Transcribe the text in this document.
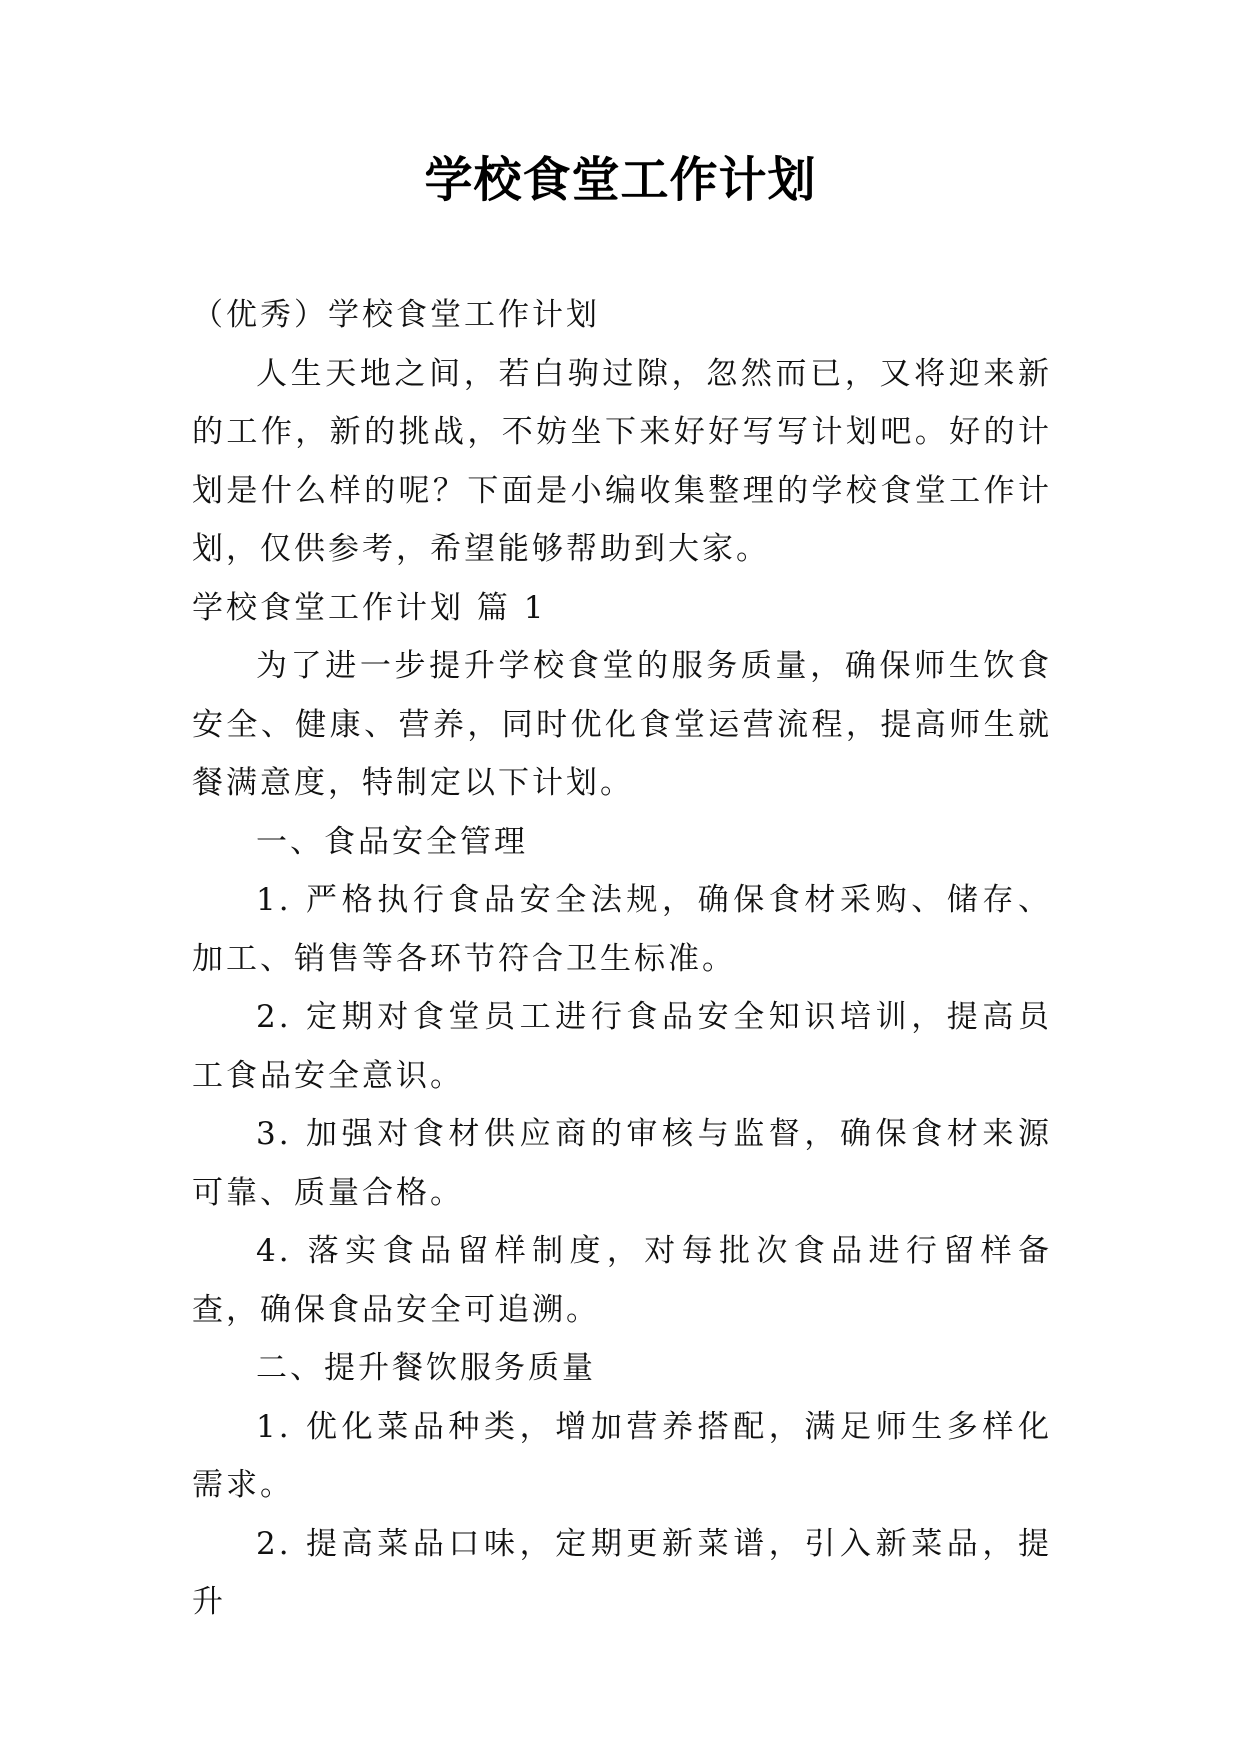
学校食堂工作计划

（优秀）学校食堂工作计划

人生天地之间，若白驹过隙，忽然而已，又将迎来新的工作，新的挑战，不妨坐下来好好写写计划吧。好的计划是什么样的呢？下面是小编收集整理的学校食堂工作计划，仅供参考，希望能够帮助到大家。

学校食堂工作计划 篇 1

为了进一步提升学校食堂的服务质量，确保师生饮食安全、健康、营养，同时优化食堂运营流程，提高师生就餐满意度，特制定以下计划。

一、食品安全管理

1. 严格执行食品安全法规，确保食材采购、储存、加工、销售等各环节符合卫生标准。

2. 定期对食堂员工进行食品安全知识培训，提高员工食品安全意识。

3. 加强对食材供应商的审核与监督，确保食材来源可靠、质量合格。

4. 落实食品留样制度，对每批次食品进行留样备查，确保食品安全可追溯。

二、提升餐饮服务质量

1. 优化菜品种类，增加营养搭配，满足师生多样化需求。

2. 提高菜品口味，定期更新菜谱，引入新菜品，提升
